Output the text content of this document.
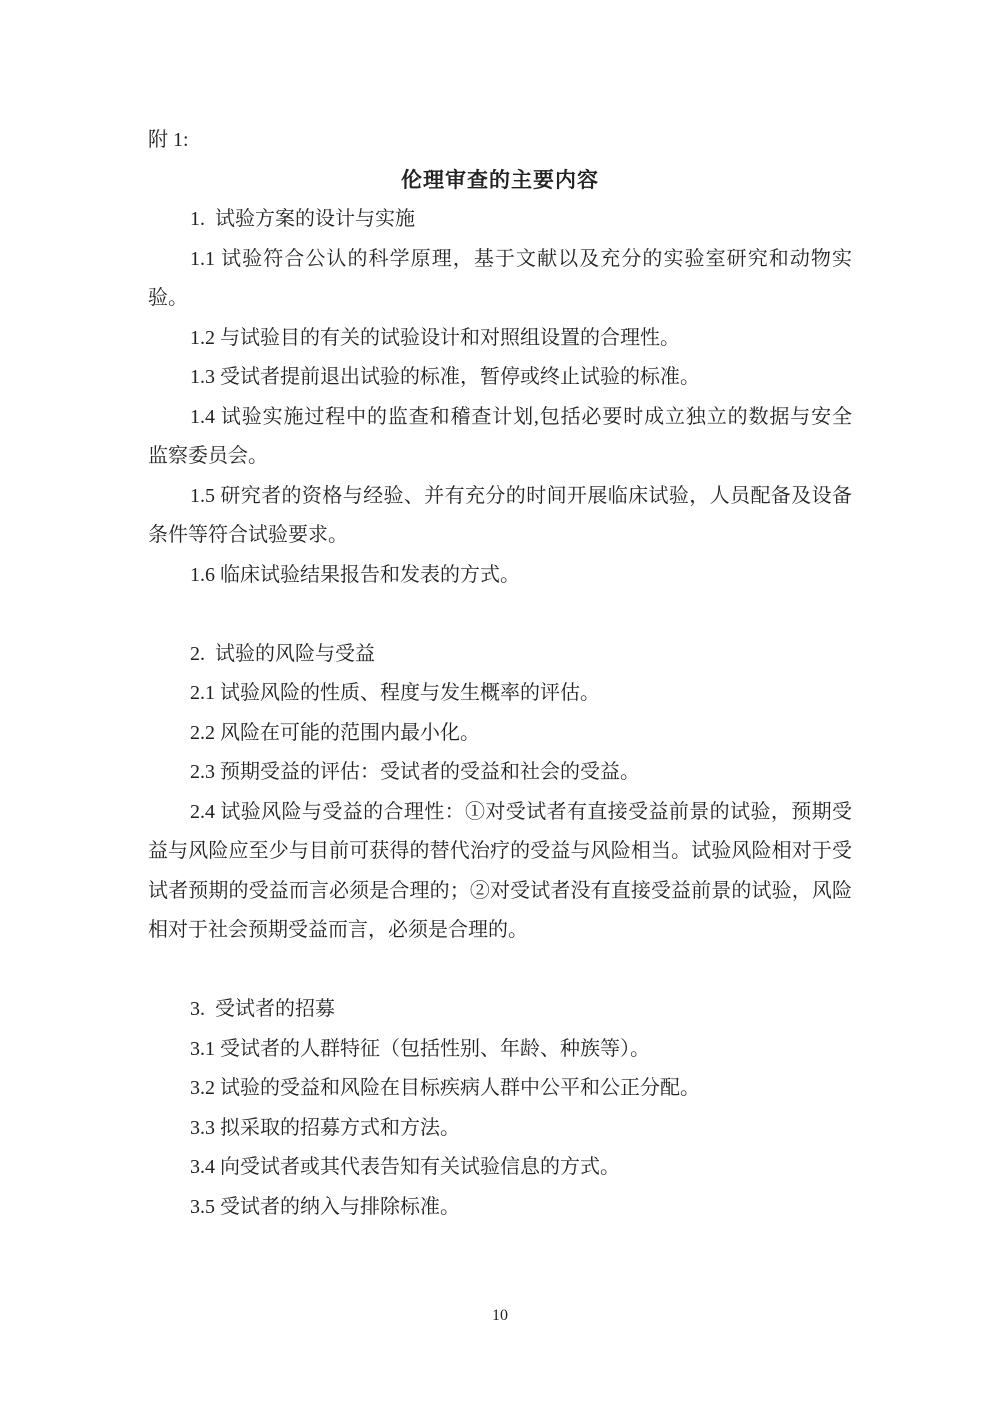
附 1:
伦理审查的主要内容
1.  试验方案的设计与实施
1.1 试验符合公认的科学原理，基于文献以及充分的实验室研究和动物实
验。
1.2 与试验目的有关的试验设计和对照组设置的合理性。
1.3 受试者提前退出试验的标准，暂停或终止试验的标准。
1.4 试验实施过程中的监查和稽查计划,包括必要时成立独立的数据与安全
监察委员会。
1.5 研究者的资格与经验、并有充分的时间开展临床试验，人员配备及设备
条件等符合试验要求。
1.6 临床试验结果报告和发表的方式。
2.  试验的风险与受益
2.1 试验风险的性质、程度与发生概率的评估。
2.2 风险在可能的范围内最小化。
2.3 预期受益的评估：受试者的受益和社会的受益。
2.4 试验风险与受益的合理性：①对受试者有直接受益前景的试验，预期受
益与风险应至少与目前可获得的替代治疗的受益与风险相当。试验风险相对于受
试者预期的受益而言必须是合理的；②对受试者没有直接受益前景的试验，风险
相对于社会预期受益而言，必须是合理的。
3.  受试者的招募
3.1 受试者的人群特征（包括性别、年龄、种族等）。
3.2 试验的受益和风险在目标疾病人群中公平和公正分配。
3.3 拟采取的招募方式和方法。
3.4 向受试者或其代表告知有关试验信息的方式。
3.5 受试者的纳入与排除标准。
10
